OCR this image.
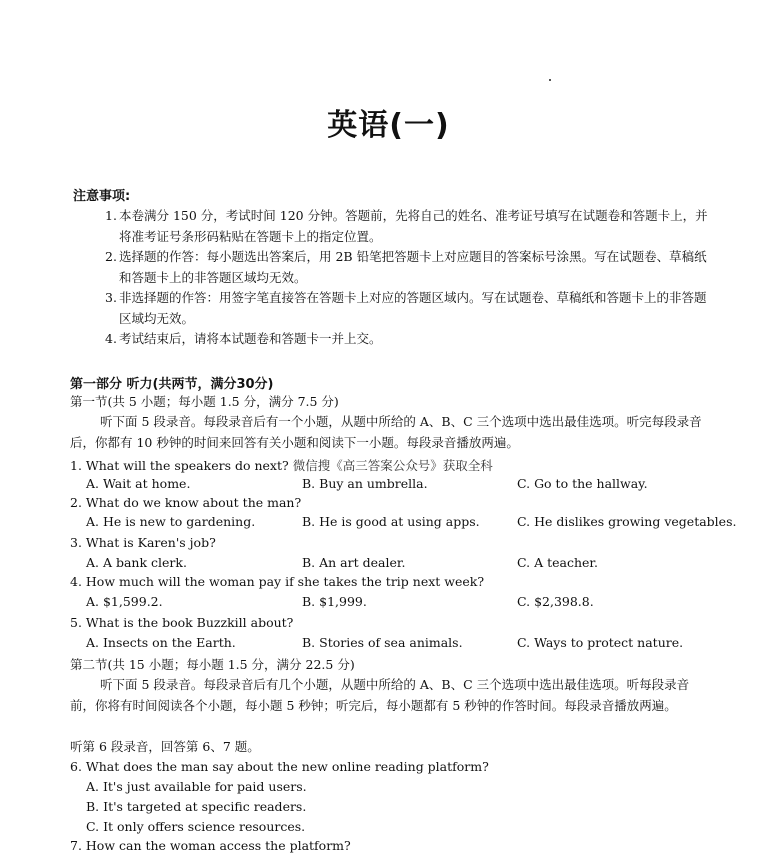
英语(一)
注意事项:
1. 本卷满分 150 分，考试时间 120 分钟。答题前，先将自己的姓名、准考证号填写在试题卷和答题卡上，并将准考证号条形码粘贴在答题卡上的指定位置。
2. 选择题的作答：每小题选出答案后，用 2B 铅笔把答题卡上对应题目的答案标号涂黑。写在试题卷、草稿纸和答题卡上的非答题区域均无效。
3. 非选择题的作答：用签字笔直接答在答题卡上对应的答题区域内。写在试题卷、草稿纸和答题卡上的非答题区域均无效。
4. 考试结束后，请将本试题卷和答题卡一并上交。
第一部分 听力(共两节，满分30分)
第一节(共 5 小题；每小题 1.5 分，满分 7.5 分)
听下面 5 段录音。每段录音后有一个小题，从题中所给的 A、B、C 三个选项中选出最佳选项。听完每段录音后，你都有 10 秒钟的时间来回答有关小题和阅读下一小题。每段录音播放两遍。
1. What will the speakers do next? 微信搜《高三答案公众号》获取全科
A. Wait at home.	B. Buy an umbrella.	C. Go to the hallway.
2. What do we know about the man?
A. He is new to gardening.	B. He is good at using apps.	C. He dislikes growing vegetables.
3. What is Karen's job?
A. A bank clerk.	B. An art dealer.	C. A teacher.
4. How much will the woman pay if she takes the trip next week?
A. $1,599.2.	B. $1,999.	C. $2,398.8.
5. What is the book Buzzkill about?
A. Insects on the Earth.	B. Stories of sea animals.	C. Ways to protect nature.
第二节(共 15 小题；每小题 1.5 分，满分 22.5 分)
听下面 5 段录音。每段录音后有几个小题，从题中所给的 A、B、C 三个选项中选出最佳选项。听每段录音前，你将有时间阅读各个小题，每小题 5 秒钟；听完后，每小题都有 5 秒钟的作答时间。每段录音播放两遍。
听第 6 段录音，回答第 6、7 题。
6. What does the man say about the new online reading platform?
A. It's just available for paid users.
B. It's targeted at specific readers.
C. It only offers science resources.
7. How can the woman access the platform?
